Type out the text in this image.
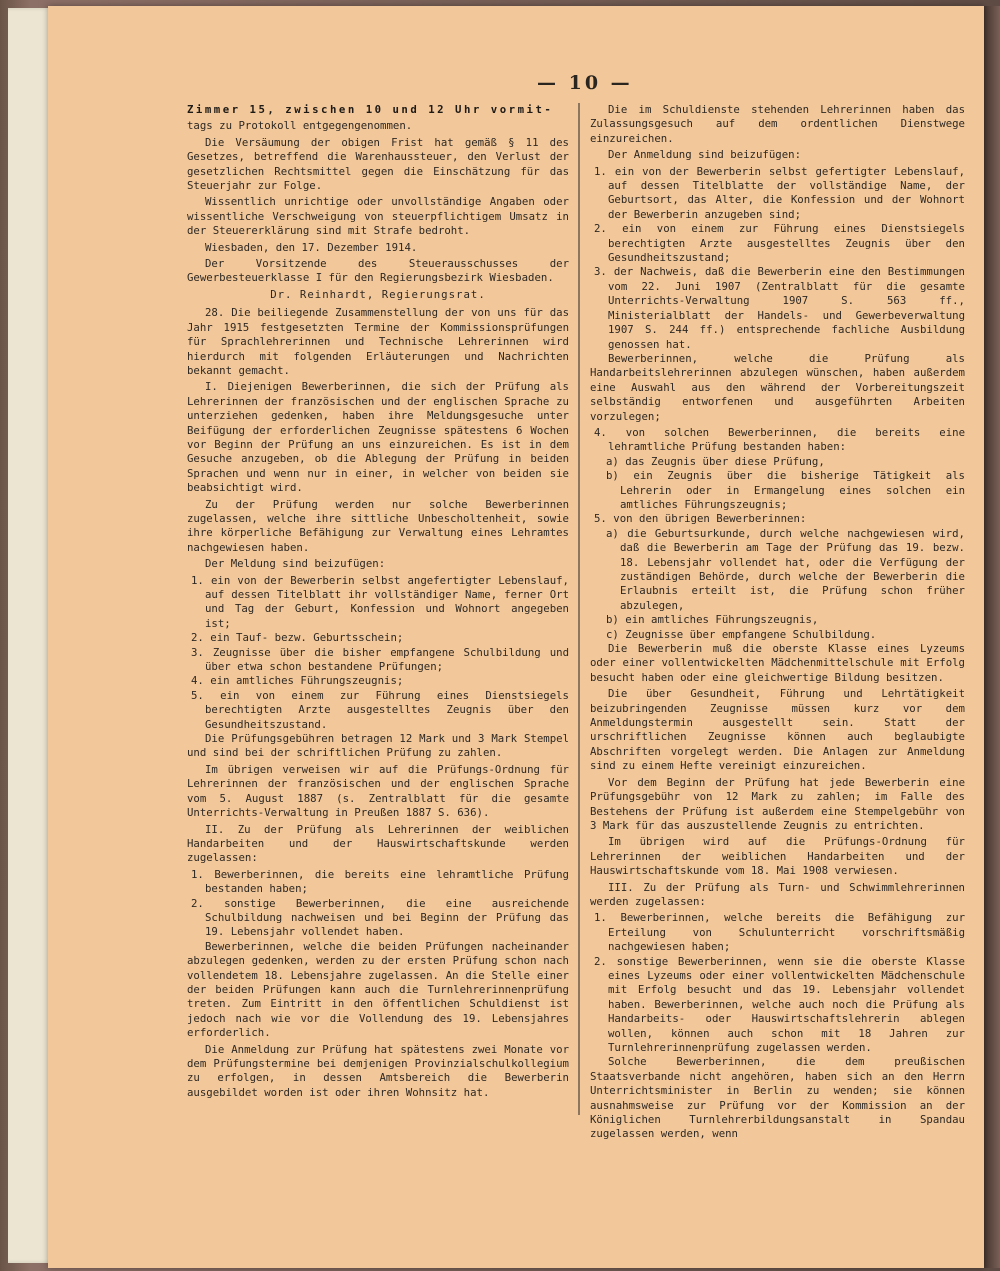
— 10 —

Zimmer 15, zwischen 10 und 12 Uhr vormit-

tags zu Protokoll entgegengenommen.

Die Versäumung der obigen Frist hat gemäß § 11 des Gesetzes, betreffend die Warenhaussteuer, den Verlust der gesetzlichen Rechtsmittel gegen die Einschätzung für das Steuerjahr zur Folge.

Wissentlich unrichtige oder unvollständige Angaben oder wissentliche Verschweigung von steuerpflichtigem Umsatz in der Steuererklärung sind mit Strafe bedroht.

Wiesbaden, den 17. Dezember 1914.

Der Vorsitzende des Steuerausschusses der Gewerbesteuerklasse I für den Regierungsbezirk Wiesbaden.

Dr. Reinhardt, Regierungsrat.

28. Die beiliegende Zusammenstellung der von uns für das Jahr 1915 festgesetzten Termine der Kommissionsprüfungen für Sprachlehrerinnen und Technische Lehrerinnen wird hierdurch mit folgenden Erläuterungen und Nachrichten bekannt gemacht.

I. Diejenigen Bewerberinnen, die sich der Prüfung als Lehrerinnen der französischen und der englischen Sprache zu unterziehen gedenken, haben ihre Meldungsgesuche unter Beifügung der erforderlichen Zeugnisse spätestens 6 Wochen vor Beginn der Prüfung an uns einzureichen. Es ist in dem Gesuche anzugeben, ob die Ablegung der Prüfung in beiden Sprachen und wenn nur in einer, in welcher von beiden sie beabsichtigt wird.

Zu der Prüfung werden nur solche Bewerberinnen zugelassen, welche ihre sittliche Unbescholtenheit, sowie ihre körperliche Befähigung zur Verwaltung eines Lehramtes nachgewiesen haben.

Der Meldung sind beizufügen:

1. ein von der Bewerberin selbst angefertigter Lebenslauf, auf dessen Titelblatt ihr vollständiger Name, ferner Ort und Tag der Geburt, Konfession und Wohnort angegeben ist;

2. ein Tauf- bezw. Geburtsschein;

3. Zeugnisse über die bisher empfangene Schulbildung und über etwa schon bestandene Prüfungen;

4. ein amtliches Führungszeugnis;

5. ein von einem zur Führung eines Dienstsiegels berechtigten Arzte ausgestelltes Zeugnis über den Gesundheitszustand.

Die Prüfungsgebühren betragen 12 Mark und 3 Mark Stempel und sind bei der schriftlichen Prüfung zu zahlen.

Im übrigen verweisen wir auf die Prüfungs-Ordnung für Lehrerinnen der französischen und der englischen Sprache vom 5. August 1887 (s. Zentralblatt für die gesamte Unterrichts-Verwaltung in Preußen 1887 S. 636).

II. Zu der Prüfung als Lehrerinnen der weiblichen Handarbeiten und der Hauswirtschaftskunde werden zugelassen:

1. Bewerberinnen, die bereits eine lehramtliche Prüfung bestanden haben;

2. sonstige Bewerberinnen, die eine ausreichende Schulbildung nachweisen und bei Beginn der Prüfung das 19. Lebensjahr vollendet haben.

Bewerberinnen, welche die beiden Prüfungen nacheinander abzulegen gedenken, werden zu der ersten Prüfung schon nach vollendetem 18. Lebensjahre zugelassen. An die Stelle einer der beiden Prüfungen kann auch die Turnlehrerinnenprüfung treten. Zum Eintritt in den öffentlichen Schuldienst ist jedoch nach wie vor die Vollendung des 19. Lebensjahres erforderlich.

Die Anmeldung zur Prüfung hat spätestens zwei Monate vor dem Prüfungstermine bei demjenigen Provinzialschulkollegium zu erfolgen, in dessen Amtsbereich die Bewerberin ausgebildet worden ist oder ihren Wohnsitz hat.

Die im Schuldienste stehenden Lehrerinnen haben das Zulassungsgesuch auf dem ordentlichen Dienstwege einzureichen.

Der Anmeldung sind beizufügen:

1. ein von der Bewerberin selbst gefertigter Lebenslauf, auf dessen Titelblatte der vollständige Name, der Geburtsort, das Alter, die Konfession und der Wohnort der Bewerberin anzugeben sind;

2. ein von einem zur Führung eines Dienstsiegels berechtigten Arzte ausgestelltes Zeugnis über den Gesundheitszustand;

3. der Nachweis, daß die Bewerberin eine den Bestimmungen vom 22. Juni 1907 (Zentralblatt für die gesamte Unterrichts-Verwaltung 1907 S. 563 ff., Ministerialblatt der Handels- und Gewerbeverwaltung 1907 S. 244 ff.) entsprechende fachliche Ausbildung genossen hat.

Bewerberinnen, welche die Prüfung als Handarbeitslehrerinnen abzulegen wünschen, haben außerdem eine Auswahl aus den während der Vorbereitungszeit selbständig entworfenen und ausgeführten Arbeiten vorzulegen;

4. von solchen Bewerberinnen, die bereits eine lehramtliche Prüfung bestanden haben:

a) das Zeugnis über diese Prüfung,

b) ein Zeugnis über die bisherige Tätigkeit als Lehrerin oder in Ermangelung eines solchen ein amtliches Führungszeugnis;

5. von den übrigen Bewerberinnen:

a) die Geburtsurkunde, durch welche nachgewiesen wird, daß die Bewerberin am Tage der Prüfung das 19. bezw. 18. Lebensjahr vollendet hat, oder die Verfügung der zuständigen Behörde, durch welche der Bewerberin die Erlaubnis erteilt ist, die Prüfung schon früher abzulegen,

b) ein amtliches Führungszeugnis,

c) Zeugnisse über empfangene Schulbildung.

Die Bewerberin muß die oberste Klasse eines Lyzeums oder einer vollentwickelten Mädchenmittelschule mit Erfolg besucht haben oder eine gleichwertige Bildung besitzen.

Die über Gesundheit, Führung und Lehrtätigkeit beizubringenden Zeugnisse müssen kurz vor dem Anmeldungstermin ausgestellt sein. Statt der urschriftlichen Zeugnisse können auch beglaubigte Abschriften vorgelegt werden. Die Anlagen zur Anmeldung sind zu einem Hefte vereinigt einzureichen.

Vor dem Beginn der Prüfung hat jede Bewerberin eine Prüfungsgebühr von 12 Mark zu zahlen; im Falle des Bestehens der Prüfung ist außerdem eine Stempelgebühr von 3 Mark für das auszustellende Zeugnis zu entrichten.

Im übrigen wird auf die Prüfungs-Ordnung für Lehrerinnen der weiblichen Handarbeiten und der Hauswirtschaftskunde vom 18. Mai 1908 verwiesen.

III. Zu der Prüfung als Turn- und Schwimmlehrerinnen werden zugelassen:

1. Bewerberinnen, welche bereits die Befähigung zur Erteilung von Schulunterricht vorschriftsmäßig nachgewiesen haben;

2. sonstige Bewerberinnen, wenn sie die oberste Klasse eines Lyzeums oder einer vollentwickelten Mädchenschule mit Erfolg besucht und das 19. Lebensjahr vollendet haben. Bewerberinnen, welche auch noch die Prüfung als Handarbeits- oder Hauswirtschaftslehrerin ablegen wollen, können auch schon mit 18 Jahren zur Turnlehrerinnenprüfung zugelassen werden.

Solche Bewerberinnen, die dem preußischen Staatsverbande nicht angehören, haben sich an den Herrn Unterrichtsminister in Berlin zu wenden; sie können ausnahmsweise zur Prüfung vor der Kommission an der Königlichen Turnlehrerbildungsanstalt in Spandau zugelassen werden, wenn
